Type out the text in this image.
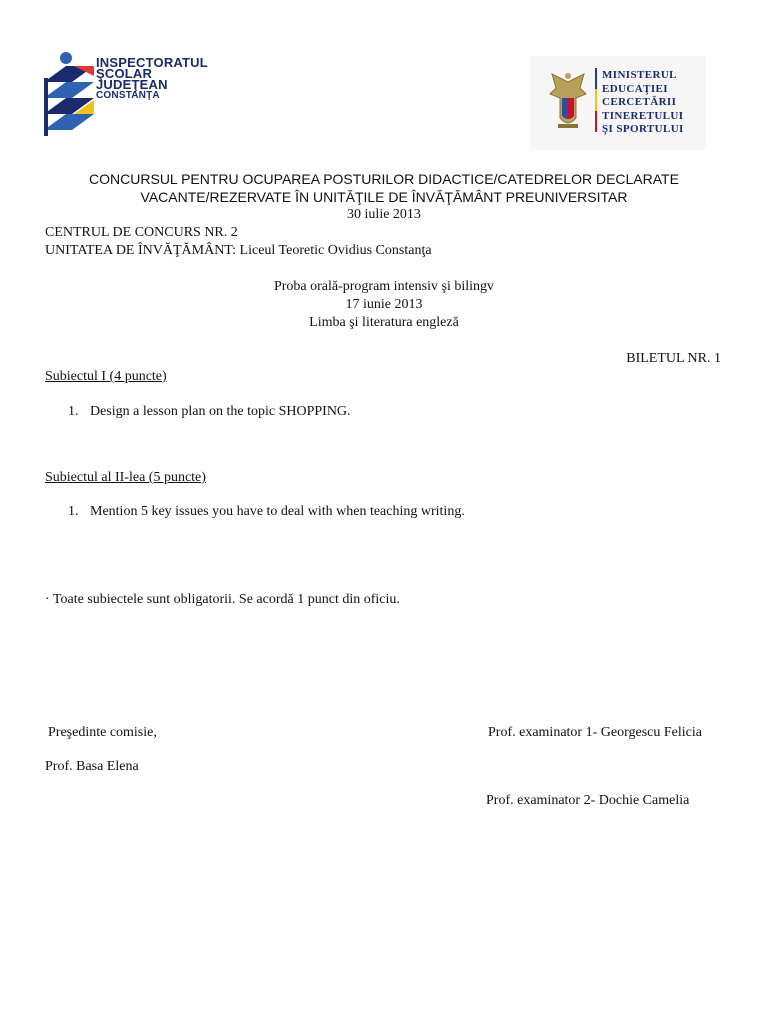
INSPECTORATUL
ŞCOLAR
JUDEŢEAN
CONSTANŢA
MINISTERUL
EDUCAŢIEI
CERCETĂRII
TINERETULUI
ŞI SPORTULUI
CONCURSUL PENTRU OCUPAREA POSTURILOR DIDACTICE/CATEDRELOR DECLARATE
VACANTE/REZERVATE ÎN UNITĂŢILE DE ÎNVĂŢĂMÂNT PREUNIVERSITAR
30 iulie 2013
CENTRUL DE CONCURS NR. 2
UNITATEA DE ÎNVĂŢĂMÂNT: Liceul Teoretic Ovidius Constanţa
Proba orală-program intensiv şi bilingv
17 iunie 2013
Limba şi literatura engleză
BILETUL NR. 1
Subiectul I (4 puncte)
1. Design a lesson plan on the topic SHOPPING.
Subiectul al II-lea (5 puncte)
1. Mention 5 key issues you have to deal with when teaching writing.
· Toate subiectele sunt obligatorii. Se acordă 1 punct din oficiu.
Preşedinte comisie,	Prof. examinator 1- Georgescu Felicia
Prof. Basa Elena
Prof. examinator 2- Dochie Camelia
